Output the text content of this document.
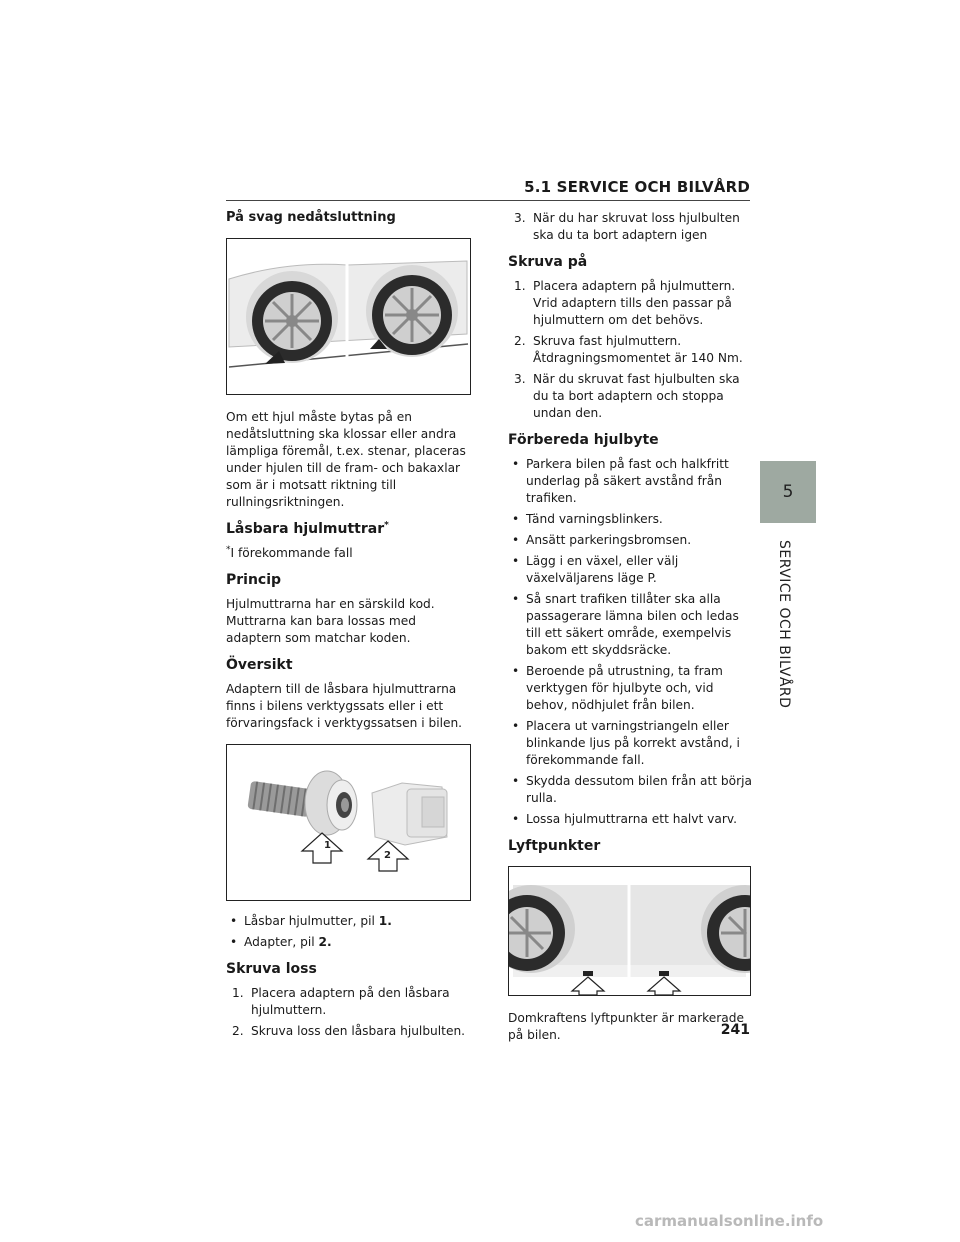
5.1 SERVICE OCH BILVÅRD
5
SERVICE OCH BILVÅRD
På svag nedåtsluttning

Om ett hjul måste bytas på en nedåtsluttning ska klossar eller andra lämpliga föremål, t.ex. stenar, placeras under hjulen till de fram- och bakaxlar som är i motsatt riktning till rullningsriktningen.

Låsbara hjulmuttrar*

*I förekommande fall

Princip

Hjulmuttrarna har en särskild kod. Muttrarna kan bara lossas med adaptern som matchar koden.

Översikt

Adaptern till de låsbara hjulmuttrarna finns i bilens verktygssats eller i ett förvaringsfack i verktygssatsen i bilen.

1
2
• Låsbar hjulmutter, pil 1.
• Adapter, pil 2.
Skruva loss
1. Placera adaptern på den låsbara hjulmuttern.
2. Skruva loss den låsbara hjulbulten.
3. När du har skruvat loss hjulbulten ska du ta bort adaptern igen
Skruva på
1. Placera adaptern på hjulmuttern. Vrid adaptern tills den passar på hjulmuttern om det behövs.
2. Skruva fast hjulmuttern. Åtdragningsmomentet är 140 Nm.
3. När du skruvat fast hjulbulten ska du ta bort adaptern och stoppa undan den.
Förbereda hjulbyte
• Parkera bilen på fast och halkfritt underlag på säkert avstånd från trafiken.
• Tänd varningsblinkers.
• Ansätt parkeringsbromsen.
• Lägg i en växel, eller välj växelväljarens läge P.
• Så snart trafiken tillåter ska alla passagerare lämna bilen och ledas till ett säkert område, exempelvis bakom ett skyddsräcke.
• Beroende på utrustning, ta fram verktygen för hjulbyte och, vid behov, nödhjulet från bilen.
• Placera ut varningstriangeln eller blinkande ljus på korrekt avstånd, i förekommande fall.
• Skydda dessutom bilen från att börja rulla.
• Lossa hjulmuttrarna ett halvt varv.
Lyftpunkter

Domkraftens lyftpunkter är markerade på bilen.	241
carmanualsonline.info
